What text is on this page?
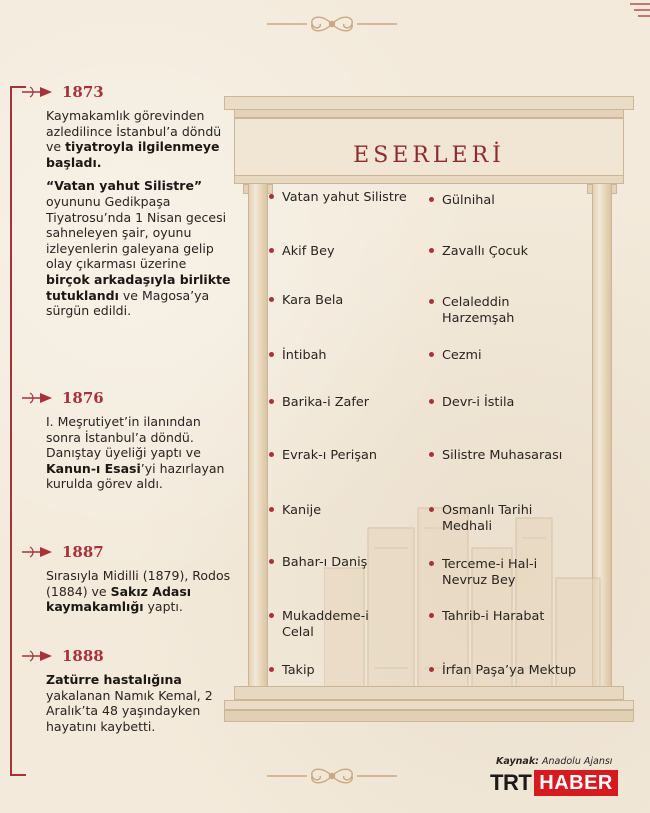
1873

Kaymakamlık görevinden azledilince İstanbul’a döndü ve tiyatroyla ilgilenmeye başladı.

“Vatan yahut Silistre” oyununu Gedikpaşa Tiyatrosu’nda 1 Nisan gecesi sahneleyen şair, oyunu izleyenlerin galeyana gelip olay çıkarması üzerine birçok arkadaşıyla birlikte tutuklandı ve Magosa’ya sürgün edildi.

1876

I. Meşrutiyet’in ilanından sonra İstanbul’a döndü. Danıştay üyeliği yaptı ve Kanun-ı Esasi’yi hazırlayan kurulda görev aldı.

1887

Sırasıyla Midilli (1879), Rodos (1884) ve Sakız Adası kaymakamlığı yaptı.

1888

Zatürre hastalığına yakalanan Namık Kemal, 2 Aralık’ta 48 yaşındayken hayatını kaybetti.

ESERLERİ
Vatan yahut Silistre
Akif Bey
Kara Bela
İntibah
Barika-i Zafer
Evrak-ı Perişan
Kanije
Bahar-ı Daniş
Mukaddeme-i Celal
Takip
Gülnihal
Zavallı Çocuk
Celaleddin Harzemşah
Cezmi
Devr-i İstila
Silistre Muhasarası
Osmanlı Tarihi Medhali
Terceme-i Hal-i Nevruz Bey
Tahrib-i Harabat
İrfan Paşa’ya Mektup
Kaynak: Anadolu Ajansı
TRT HABER
